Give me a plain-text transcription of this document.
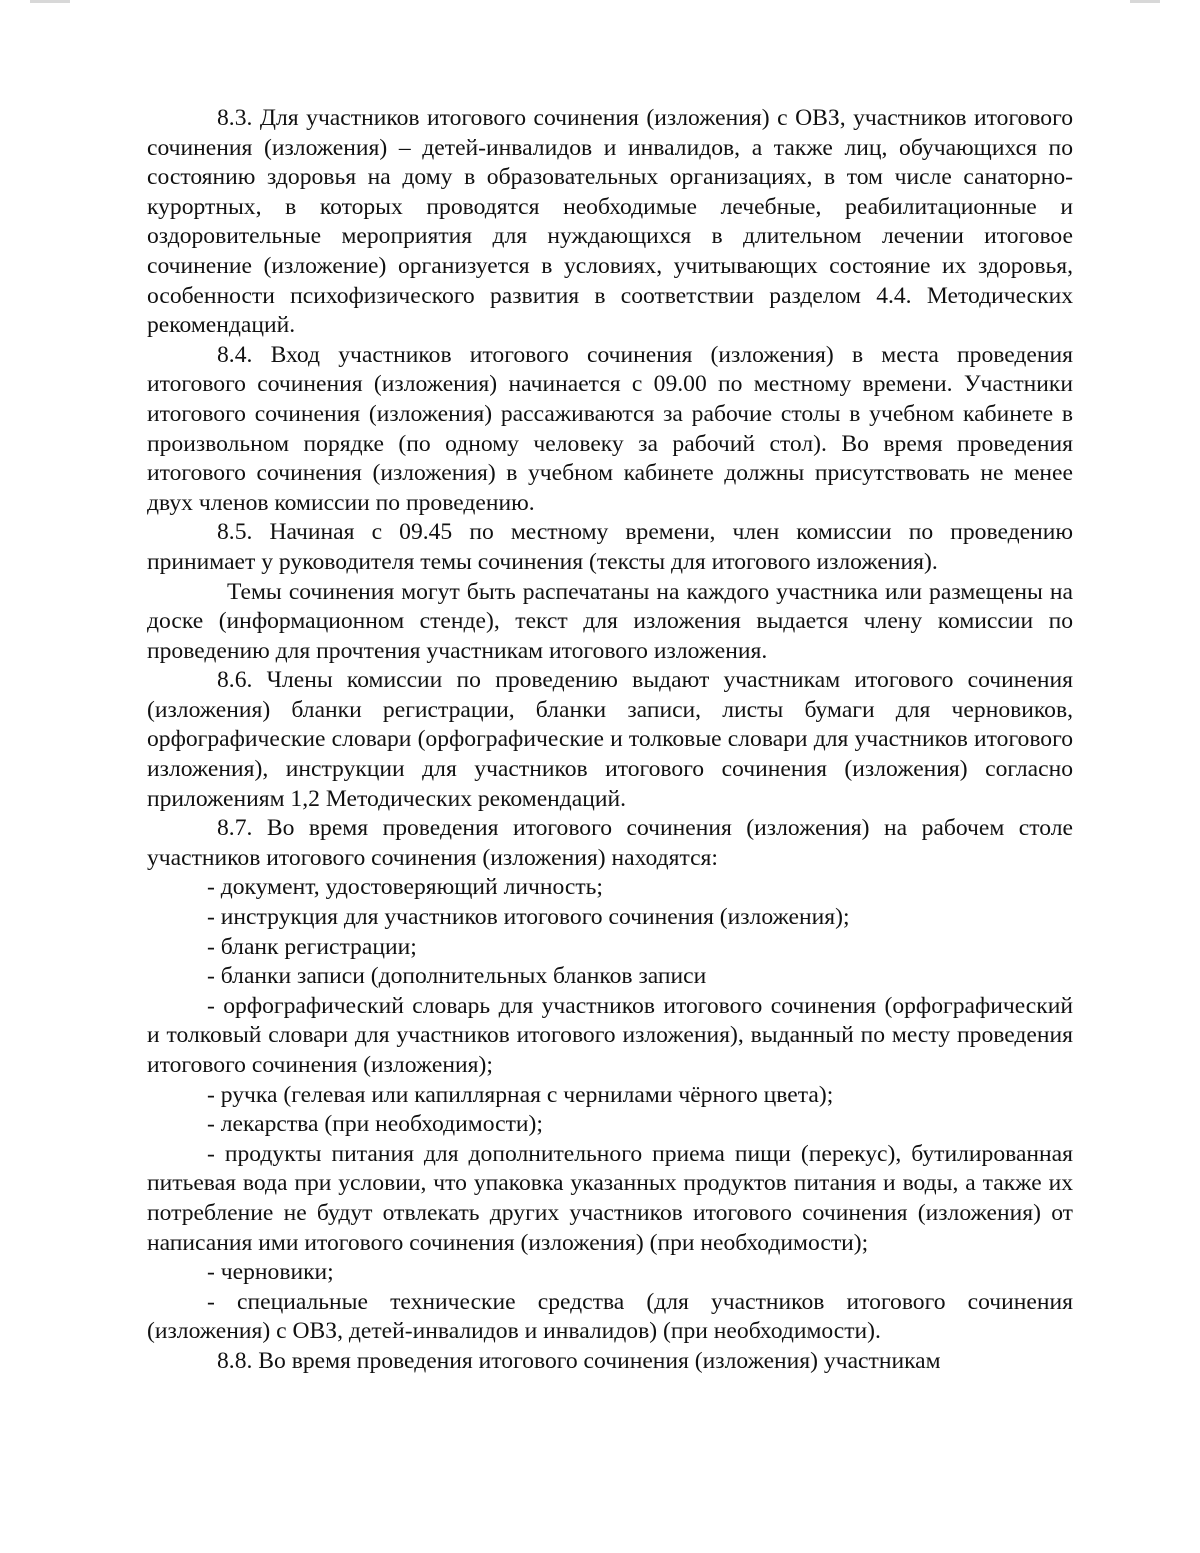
8.3. Для участников итогового сочинения (изложения) с ОВЗ, участников итогового сочинения (изложения) – детей-инвалидов и инвалидов, а также лиц, обучающихся по состоянию здоровья на дому в образовательных организациях, в том числе санаторно-курортных, в которых проводятся необходимые лечебные, реабилитационные и оздоровительные мероприятия для нуждающихся в длительном лечении итоговое сочинение (изложение) организуется в условиях, учитывающих состояние их здоровья, особенности психофизического развития в соответствии разделом 4.4. Методических рекомендаций.

8.4. Вход участников итогового сочинения (изложения) в места проведения итогового сочинения (изложения) начинается с 09.00 по местному времени. Участники итогового сочинения (изложения) рассаживаются за рабочие столы в учебном кабинете в произвольном порядке (по одному человеку за рабочий стол). Во время проведения итогового сочинения (изложения) в учебном кабинете должны присутствовать не менее двух членов комиссии по проведению.

8.5. Начиная с 09.45 по местному времени, член комиссии по проведению принимает у руководителя темы сочинения (тексты для итогового изложения).

Темы сочинения могут быть распечатаны на каждого участника или размещены на доске (информационном стенде), текст для изложения выдается члену комиссии по проведению для прочтения участникам итогового изложения.

8.6. Члены комиссии по проведению выдают участникам итогового сочинения (изложения) бланки регистрации, бланки записи, листы бумаги для черновиков, орфографические словари (орфографические и толковые словари для участников итогового изложения), инструкции для участников итогового сочинения (изложения) согласно приложениям 1,2 Методических рекомендаций.

8.7. Во время проведения итогового сочинения (изложения) на рабочем столе участников итогового сочинения (изложения) находятся:

- документ, удостоверяющий личность;

- инструкция для участников итогового сочинения (изложения);

- бланк регистрации;

- бланки записи (дополнительных бланков записи

- орфографический словарь для участников итогового сочинения (орфографический и толковый словари для участников итогового изложения), выданный по месту проведения итогового сочинения (изложения);

- ручка (гелевая или капиллярная с чернилами чёрного цвета);

- лекарства (при необходимости);

- продукты питания для дополнительного приема пищи (перекус), бутилированная питьевая вода при условии, что упаковка указанных продуктов питания и воды, а также их потребление не будут отвлекать других участников итогового сочинения (изложения) от написания ими итогового сочинения (изложения) (при необходимости);

- черновики;

- специальные технические средства (для участников итогового сочинения (изложения) с ОВЗ, детей-инвалидов и инвалидов) (при необходимости).

8.8. Во время проведения итогового сочинения (изложения) участникам
